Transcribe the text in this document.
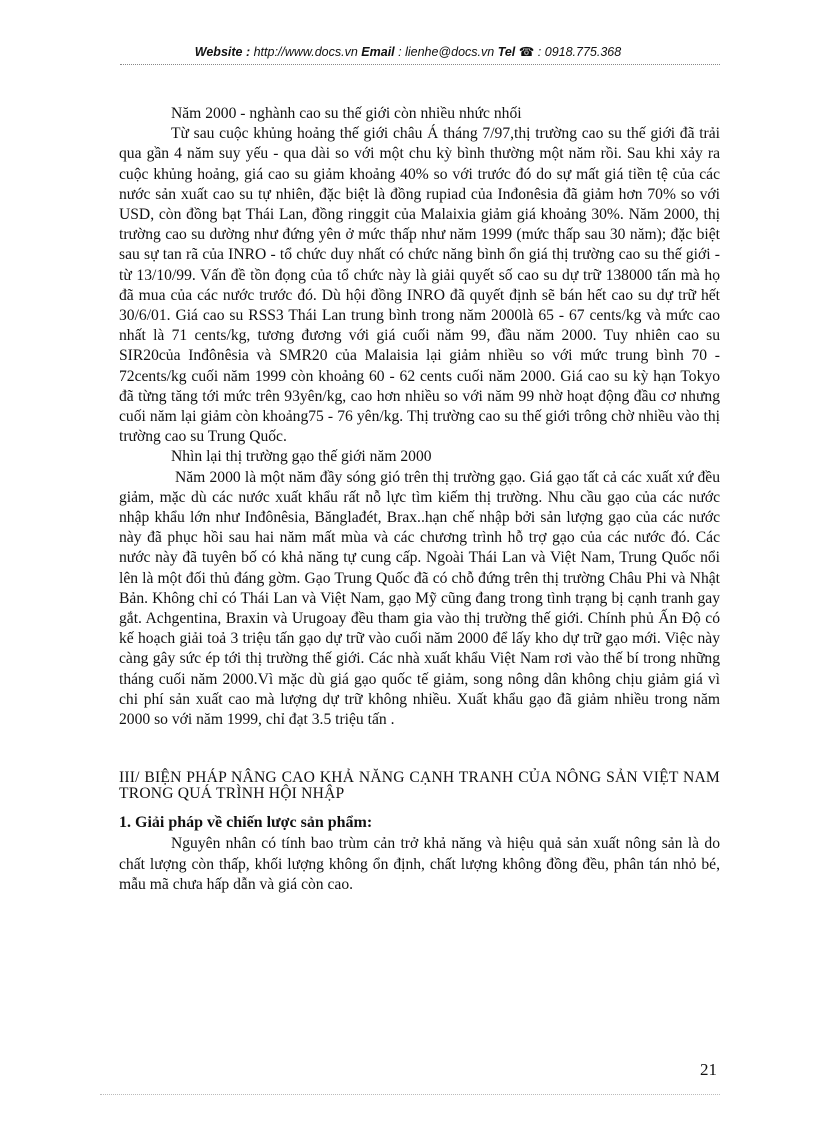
Website : http://www.docs.vn Email : lienhe@docs.vn Tel ☎ : 0918.775.368

Năm 2000 - nghành cao su thế giới còn nhiều nhức nhối

Từ sau cuộc khủng hoảng thế giới châu Á tháng 7/97,thị trường cao su thế giới đã trải qua gần 4 năm suy yếu - qua dài so với một chu kỳ bình thường một năm rồi. Sau khi xảy ra cuộc khủng hoảng, giá cao su giảm khoảng 40% so với trước đó do sự mất giá tiền tệ của các nước sản xuất cao su tự nhiên, đặc biệt là đồng rupiad của Inđonêsia đã giảm hơn 70% so với USD, còn đồng bạt Thái Lan, đồng ringgit của Malaixia giảm giá khoảng 30%. Năm 2000, thị trường cao su dường như đứng yên ở mức thấp như năm 1999 (mức thấp sau 30 năm); đặc biệt sau sự tan rã của INRO - tổ chức duy nhất có chức năng bình ổn giá thị trường cao su thế giới - từ 13/10/99. Vấn đề tồn đọng của tổ chức này là giải quyết số cao su dự trữ 138000 tấn mà họ đã mua của các nước trước đó. Dù hội đồng INRO đã quyết định sẽ bán hết cao su dự trữ hết 30/6/01. Giá cao su RSS3 Thái Lan trung bình trong năm 2000là 65 - 67 cents/kg và mức cao nhất là 71 cents/kg, tương đương với giá cuối năm 99, đầu năm 2000. Tuy nhiên cao su SIR20của Inđônêsia và SMR20 của Malaisia lại giảm nhiều so với mức trung bình 70 - 72cents/kg cuối năm 1999 còn khoảng 60 - 62 cents cuối năm 2000. Giá cao su kỳ hạn Tokyo đã từng tăng tới mức trên 93yên/kg, cao hơn nhiều so với năm 99 nhờ hoạt động đầu cơ nhưng cuối năm lại giảm còn khoảng75 - 76 yên/kg. Thị trường cao su thế giới trông chờ nhiều vào thị trường cao su Trung Quốc.

Nhìn lại thị trường gạo thế giới năm 2000

Năm 2000 là một năm đầy sóng gió trên thị trường gạo. Giá gạo tất cả các xuất xứ đều giảm, mặc dù các nước xuất khẩu rất nỗ lực tìm kiếm thị trường. Nhu cầu gạo của các nước nhập khẩu lớn như Inđônêsia, Bănglađét, Brax..hạn chế nhập bởi sản lượng gạo của các nước này đã phục hồi sau hai năm mất mùa và các chương trình hỗ trợ gạo của các nước đó. Các nước này đã tuyên bố có khả năng tự cung cấp. Ngoài Thái Lan và Việt Nam, Trung Quốc nổi lên là một đối thủ đáng gờm. Gạo Trung Quốc đã có chỗ đứng trên thị trường Châu Phi và Nhật Bản. Không chỉ có Thái Lan và Việt Nam, gạo Mỹ cũng đang trong tình trạng bị cạnh tranh gay gắt. Achgentina, Braxin và Urugoay đều tham gia vào thị trường thế giới. Chính phủ Ấn Độ có kế hoạch giải toả 3 triệu tấn gạo dự trữ vào cuối năm 2000 để lấy kho dự trữ gạo mới. Việc này càng gây sức ép tới thị trường thế giới. Các nhà xuất khẩu Việt Nam rơi vào thế bí trong những tháng cuối năm 2000.Vì mặc dù giá gạo quốc tế giảm, song nông dân không chịu giảm giá vì chi phí sản xuất cao mà lượng dự trữ không nhiều. Xuất khẩu gạo đã giảm nhiều trong năm 2000 so với năm 1999, chỉ đạt 3.5 triệu tấn .

III/ BIỆN PHÁP NÂNG CAO KHẢ NĂNG CẠNH TRANH CỦA NÔNG SẢN VIỆT NAM TRONG QUÁ TRÌNH HỘI NHẬP

1. Giải pháp về chiến lược sản phẩm:

Nguyên nhân có tính bao trùm cản trở khả năng và hiệu quả sản xuất nông sản là do chất lượng còn thấp, khối lượng không ổn định, chất lượng không đồng đều, phân tán nhỏ bé, mẫu mã chưa hấp dẫn và giá còn cao.

21
